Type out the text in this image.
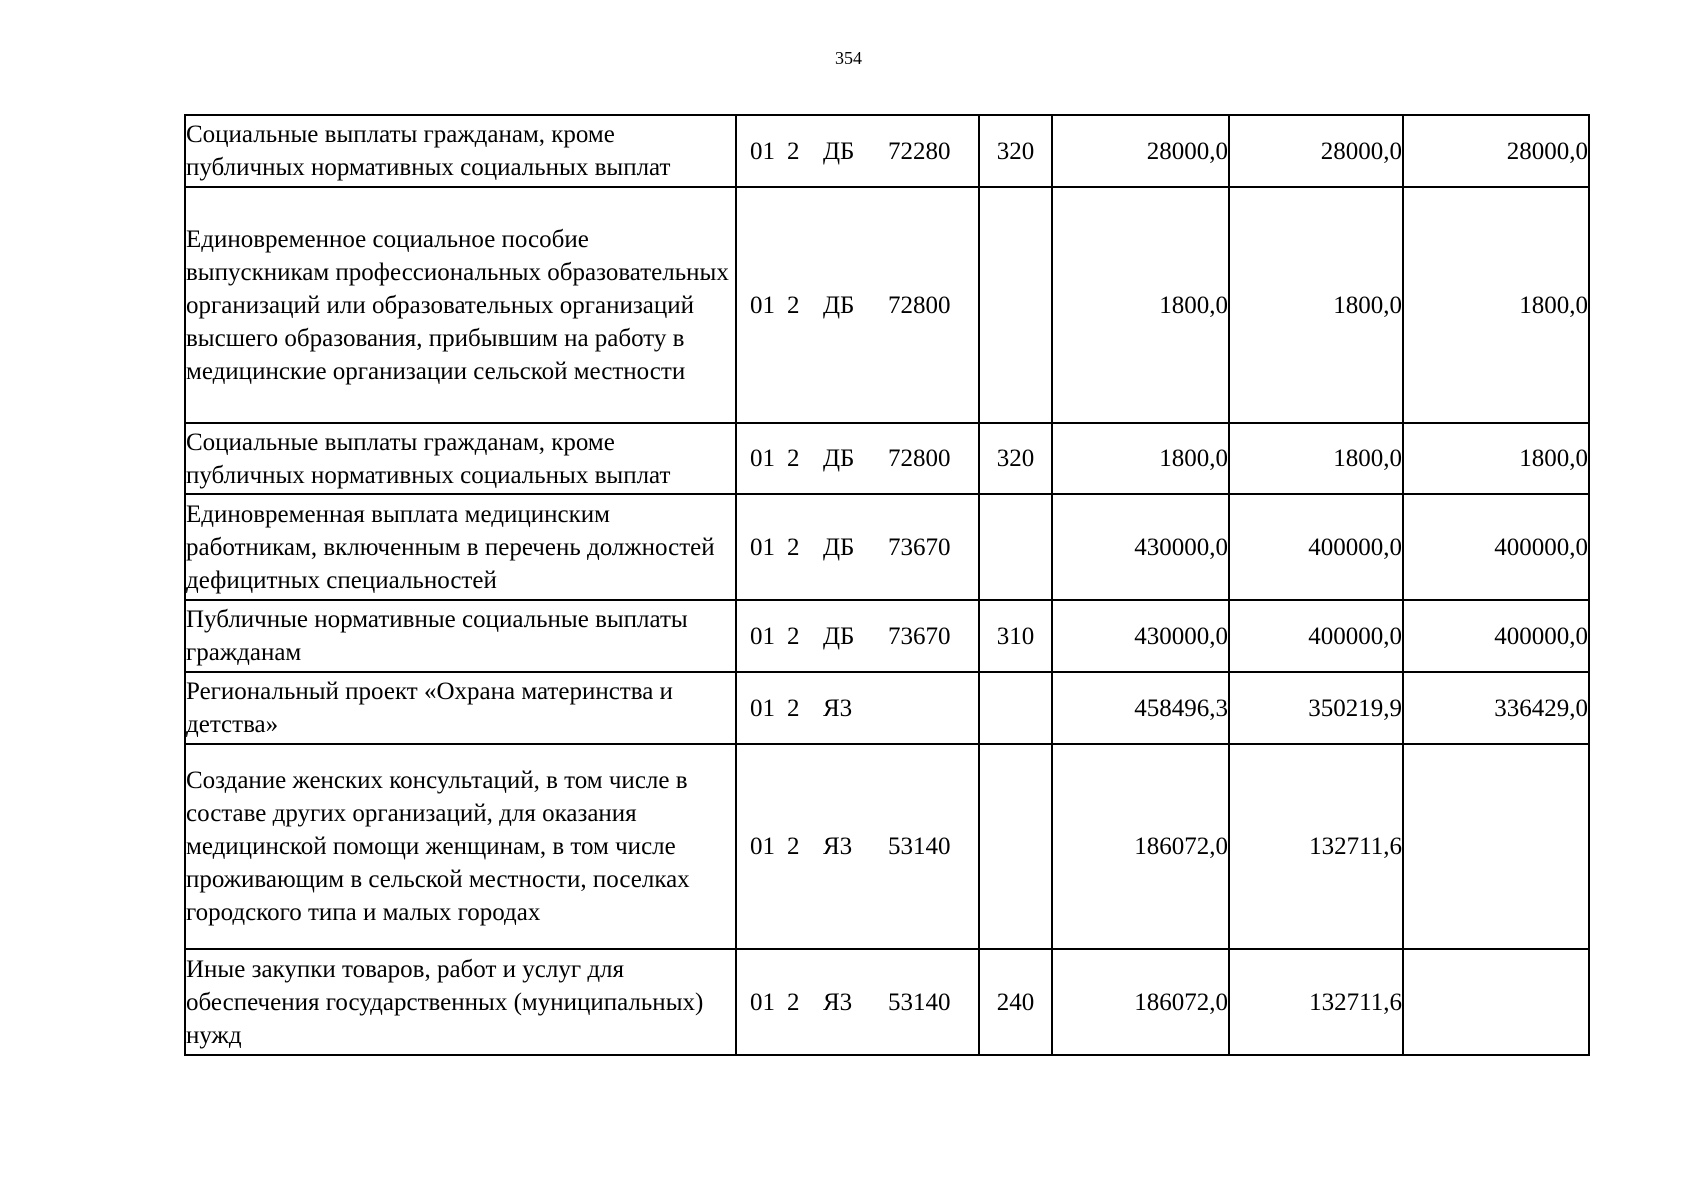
354
Социальные выплаты гражданам, кроме публичных нормативных социальных выплат	01 2 ДБ 72280	320	28000,0	28000,0	28000,0
Единовременное социальное пособие выпускникам профессиональных образовательных организаций или образовательных организаций высшего образования, прибывшим на работу в медицинские организации сельской местности	01 2 ДБ 72800		1800,0	1800,0	1800,0
Социальные выплаты гражданам, кроме публичных нормативных социальных выплат	01 2 ДБ 72800	320	1800,0	1800,0	1800,0
Единовременная выплата медицинским работникам, включенным в перечень должностей дефицитных специальностей	01 2 ДБ 73670		430000,0	400000,0	400000,0
Публичные нормативные социальные выплаты гражданам	01 2 ДБ 73670	310	430000,0	400000,0	400000,0
Региональный проект «Охрана материнства и детства»	01 2 Я3		458496,3	350219,9	336429,0
Создание женских консультаций, в том числе в составе других организаций, для оказания медицинской помощи женщинам, в том числе проживающим в сельской местности, поселках городского типа и малых городах	01 2 Я3 53140		186072,0	132711,6	
Иные закупки товаров, работ и услуг для обеспечения государственных (муниципальных) нужд	01 2 Я3 53140	240	186072,0	132711,6	
